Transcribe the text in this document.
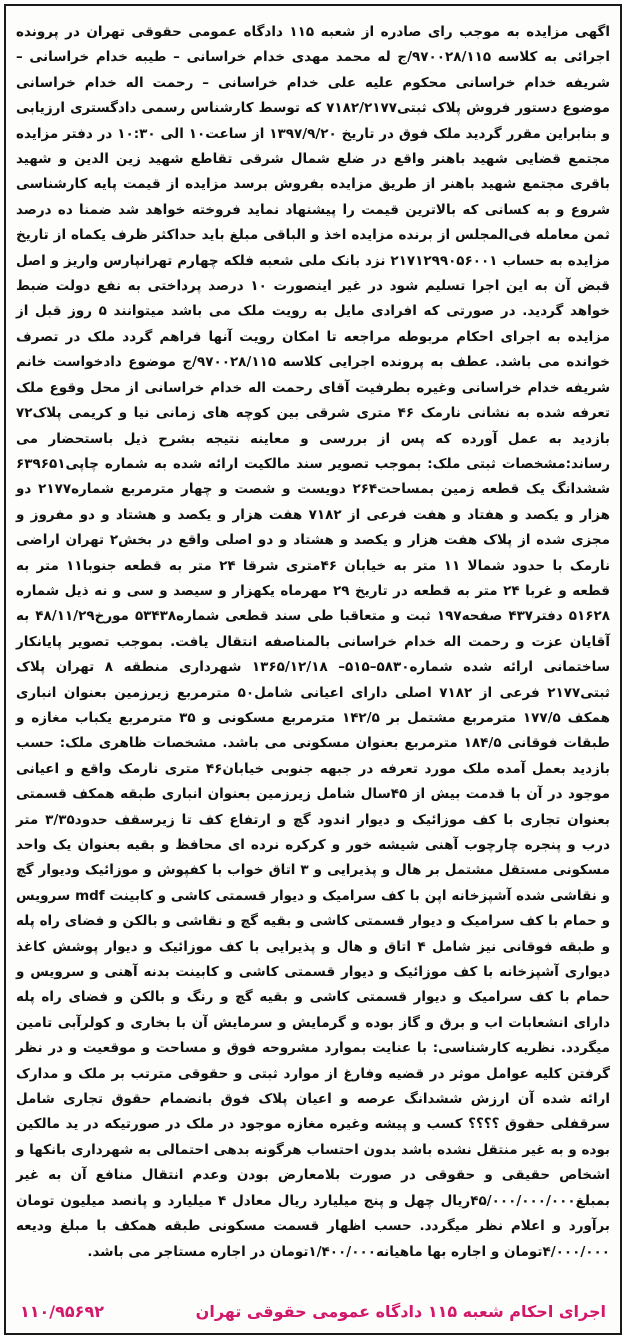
اگهی مزایده به موجب رای صادره از شعبه ۱۱۵ دادگاه عمومی حقوقی تهران در پرونده اجرائی به کلاسه ۹۷۰۰۲۸/۱۱۵/ج له محمد مهدی خدام خراسانی – طیبه خدام خراسانی – شریفه خدام خراسانی محکوم علیه علی خدام خراسانی – رحمت اله خدام خراسانی موضوع دستور فروش پلاک ثبتی۷۱۸۲/۲۱۷۷ که توسط کارشناس رسمی دادگستری ارزیابی و بنابراین مقرر گردید ملک فوق در تاریخ ۱۳۹۷/۹/۲۰ از ساعت۱۰ الی ۱۰:۳۰ در دفتر مزایده مجتمع قضایی شهید باهنر واقع در ضلع شمال شرقی تقاطع شهید زین الدین و شهید باقری مجتمع شهید باهنر از طریق مزایده بفروش برسد مزایده از قیمت پایه کارشناسی شروع و به کسانی که بالاترین قیمت را پیشنهاد نماید فروخته خواهد شد ضمنا ده درصد ثمن معامله فی‌المجلس از برنده مزایده اخذ و الباقی مبلغ باید حداکثر ظرف یکماه از تاریخ مزایده به حساب ۲۱۷۱۲۹۹۰۵۶۰۰۱ نزد بانک ملی شعبه فلکه چهارم تهرانپارس واریز و اصل قبض آن به این اجرا تسلیم شود در غیر اینصورت ۱۰ درصد پرداختی به نفع دولت ضبط خواهد گردید. در صورتی که افرادی مایل به رویت ملک می باشد میتوانند ۵ روز قبل از مزایده به اجرای احکام مربوطه مراجعه تا امکان رویت آنها فراهم گردد ملک در تصرف خوانده می باشد. عطف به پرونده اجرایی کلاسه ۹۷۰۰۲۸/۱۱۵/ج موضوع دادخواست خانم شریفه خدام خراسانی وغیره بطرفیت آقای رحمت اله خدام خراسانی از محل وقوع ملک تعرفه شده به نشانی نارمک ۴۶ متری شرقی بین کوچه های زمانی نیا و کریمی پلاک۷۲ بازدید به عمل آورده که پس از بررسی و معاینه نتیجه بشرح ذیل باستحضار می رساند:مشخصات ثبتی ملک: بموجب تصویر سند مالکیت ارائه شده به شماره چاپی۶۳۹۶۵۱ ششدانگ یک قطعه زمین بمساحت۲۶۴ دویست و شصت و چهار مترمربع شماره۲۱۷۷ دو هزار و یکصد و هفتاد و هفت فرعی از ۷۱۸۲ هفت هزار و یکصد و هشتاد و دو مفروز و مجزی شده از پلاک هفت هزار و یکصد و هشتاد و دو اصلی واقع در بخش۲ تهران اراضی نارمک با حدود شمالا ۱۱ متر به خیابان ۴۶متری شرقا ۲۴ متر به قطعه جنوبا۱۱ متر به قطعه و غربا ۲۴ متر به قطعه در تاریخ ۲۹ مهرماه یکهزار و سیصد و سی و نه ذیل شماره ۵۱۶۲۸ دفتر۴۳۷ صفحه۱۹۷ ثبت و متعاقبا طی سند قطعی شماره۵۳۴۳۸ مورخ۴۸/۱۱/۲۹ به آقایان عزت و رحمت اله خدام خراسانی بالمناصفه انتقال یافت. بموجب تصویر پایانکار ساختمانی ارائه شده شماره۵۸۳۰–۵۱۵– ۱۳۶۵/۱۲/۱۸ شهرداری منطقه ۸ تهران پلاک ثبتی۲۱۷۷ فرعی از ۷۱۸۲ اصلی دارای اعیانی شامل۵۰ مترمربع زیرزمین بعنوان انباری همکف ۱۷۷/۵ مترمربع مشتمل بر ۱۴۲/۵ مترمربع مسکونی و ۳۵ مترمربع یکباب مغازه و طبقات فوقانی ۱۸۴/۵ مترمربع بعنوان مسکونی می باشد. مشخصات ظاهری ملک: حسب بازدید بعمل آمده ملک مورد تعرفه در جبهه جنوبی خیابان۴۶ متری نارمک واقع و اعیانی موجود در آن با قدمت بیش از ۴۵سال شامل زیرزمین بعنوان انباری طبقه همکف قسمتی بعنوان تجاری با کف موزائیک و دیوار اندود گچ و ارتفاع کف تا زیرسقف حدود۳/۳۵ متر درب و پنجره چارچوب آهنی شیشه خور و کرکره نرده ای محافظ و بقیه بعنوان یک واحد مسکونی مستقل مشتمل بر هال و پذیرایی و ۳ اتاق خواب با کفپوش و موزائیک ودیوار گچ و نقاشی شده آشپزخانه اپن با کف سرامیک و دیوار قسمتی کاشی و کابینت mdf سرویس و حمام با کف سرامیک و دیوار قسمتی کاشی و بقیه گچ و نقاشی و بالکن و فضای راه پله و طبقه فوقانی نیز شامل ۴ اتاق و هال و پذیرایی با کف موزائیک و دیوار پوشش کاغذ دیواری آشپزخانه با کف موزائیک و دیوار قسمتی کاشی و کابینت بدنه آهنی و سرویس و حمام با کف سرامیک و دیوار قسمتی کاشی و بقیه گچ و رنگ و بالکن و فضای راه پله دارای انشعابات اب و برق و گاز بوده و گرمایش و سرمایش آن با بخاری و کولرآبی تامین میگردد. نظریه کارشناسی: با عنایت بموارد مشروحه فوق و مساحت و موقعیت و در نظر گرفتن کلیه عوامل موثر در قضیه وفارغ از موارد ثبتی و حقوقی مترتب بر ملک و مدارک ارائه شده آن ارزش ششدانگ عرصه و اعیان پلاک فوق بانضمام حقوق تجاری شامل سرقفلی حقوق ؟؟؟؟ کسب و پیشه وغیره مغازه موجود در ملک در صورتیکه در ید مالکین بوده و به غیر منتقل نشده باشد بدون احتساب هرگونه بدهی احتمالی به شهرداری بانکها و اشخاص حقیقی و حقوقی در صورت بلامعارض بودن وعدم انتقال منافع آن به غیر بمبلغ۴۵/۰۰۰/۰۰۰/۰۰۰ریال چهل و پنج میلیارد ریال معادل ۴ میلیارد و پانصد میلیون تومان برآورد و اعلام نظر میگردد. حسب اظهار قسمت مسکونی طبقه همکف با مبلغ ودیعه ۴/۰۰۰/۰۰۰تومان و اجاره بها ماهیانه۱/۴۰۰/۰۰۰تومان در اجاره مستاجر می باشد.

اجرای احکام شعبه ۱۱۵ دادگاه عمومی حقوقی تهران
۱۱۰/۹۵۶۹۲
